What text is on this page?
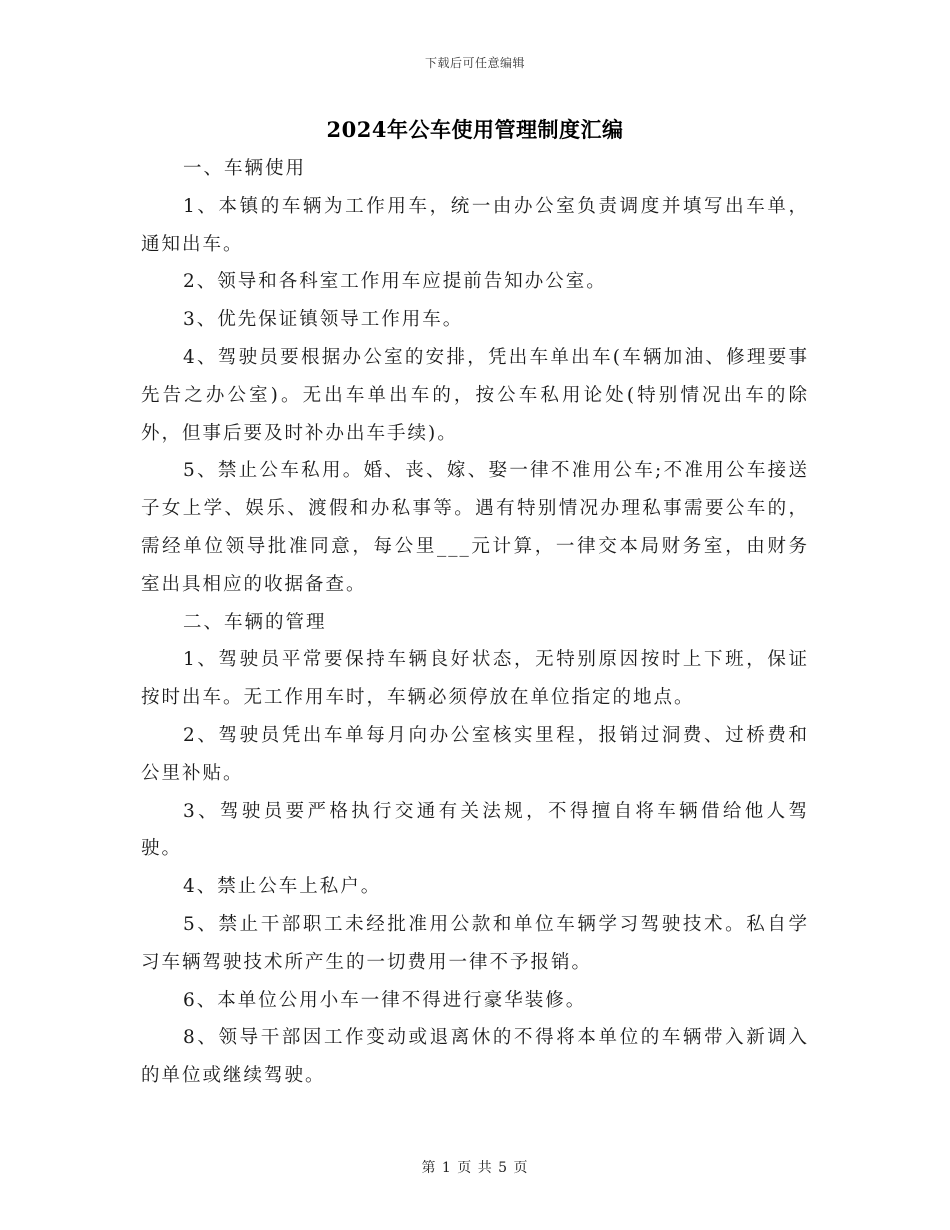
下载后可任意编辑
2024年公车使用管理制度汇编

一、车辆使用

1、本镇的车辆为工作用车，统一由办公室负责调度并填写出车单，通知出车。

2、领导和各科室工作用车应提前告知办公室。

3、优先保证镇领导工作用车。

4、驾驶员要根据办公室的安排，凭出车单出车(车辆加油、修理要事先告之办公室)。无出车单出车的，按公车私用论处(特别情况出车的除外，但事后要及时补办出车手续)。

5、禁止公车私用。婚、丧、嫁、娶一律不准用公车;不准用公车接送子女上学、娱乐、渡假和办私事等。遇有特别情况办理私事需要公车的，需经单位领导批准同意，每公里___元计算，一律交本局财务室，由财务室出具相应的收据备查。

二、车辆的管理

1、驾驶员平常要保持车辆良好状态，无特别原因按时上下班，保证按时出车。无工作用车时，车辆必须停放在单位指定的地点。

2、驾驶员凭出车单每月向办公室核实里程，报销过洞费、过桥费和公里补贴。

3、驾驶员要严格执行交通有关法规，不得擅自将车辆借给他人驾驶。

4、禁止公车上私户。

5、禁止干部职工未经批准用公款和单位车辆学习驾驶技术。私自学习车辆驾驶技术所产生的一切费用一律不予报销。

6、本单位公用小车一律不得进行豪华装修。

8、领导干部因工作变动或退离休的不得将本单位的车辆带入新调入的单位或继续驾驶。

第 1 页 共 5 页
